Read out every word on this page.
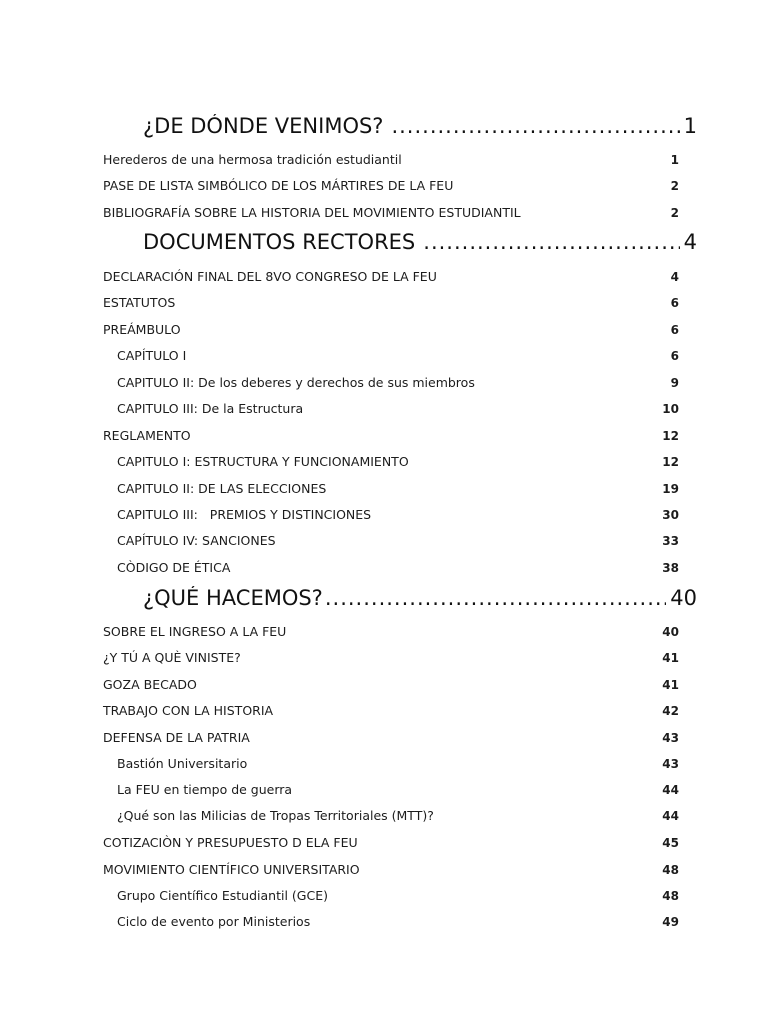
¿DE DÓNDE VENIMOS? .....	1
Herederos de una hermosa tradición estudiantil	1
PASE DE LISTA SIMBÓLICO DE LOS MÁRTIRES DE LA FEU	2
BIBLIOGRAFÍA SOBRE LA HISTORIA DEL MOVIMIENTO ESTUDIANTIL	2
DOCUMENTOS RECTORES .....	4
DECLARACIÓN FINAL DEL 8VO CONGRESO DE LA FEU	4
ESTATUTOS	6
PREÁMBULO	6
CAPÍTULO I	6
CAPITULO II: De los deberes y derechos de sus miembros	9
CAPITULO III: De la Estructura	10
REGLAMENTO	12
CAPITULO I: ESTRUCTURA Y FUNCIONAMIENTO	12
CAPITULO II: DE LAS ELECCIONES	19
CAPITULO III:   PREMIOS Y DISTINCIONES	30
CAPÍTULO IV: SANCIONES	33
CÒDIGO DE ÉTICA	38
¿QUÉ HACEMOS? .....	40
SOBRE EL INGRESO A LA FEU	40
¿Y TÚ A QUÈ VINISTE?	41
GOZA BECADO	41
TRABAJO CON LA HISTORIA	42
DEFENSA DE LA PATRIA	43
Bastión Universitario	43
La FEU en tiempo de guerra	44
¿Qué son las Milicias de Tropas Territoriales (MTT)?	44
COTIZACIÒN Y PRESUPUESTO D ELA FEU	45
MOVIMIENTO CIENTÍFICO UNIVERSITARIO	48
Grupo Científico Estudiantil (GCE)	48
Ciclo de evento por Ministerios	49
